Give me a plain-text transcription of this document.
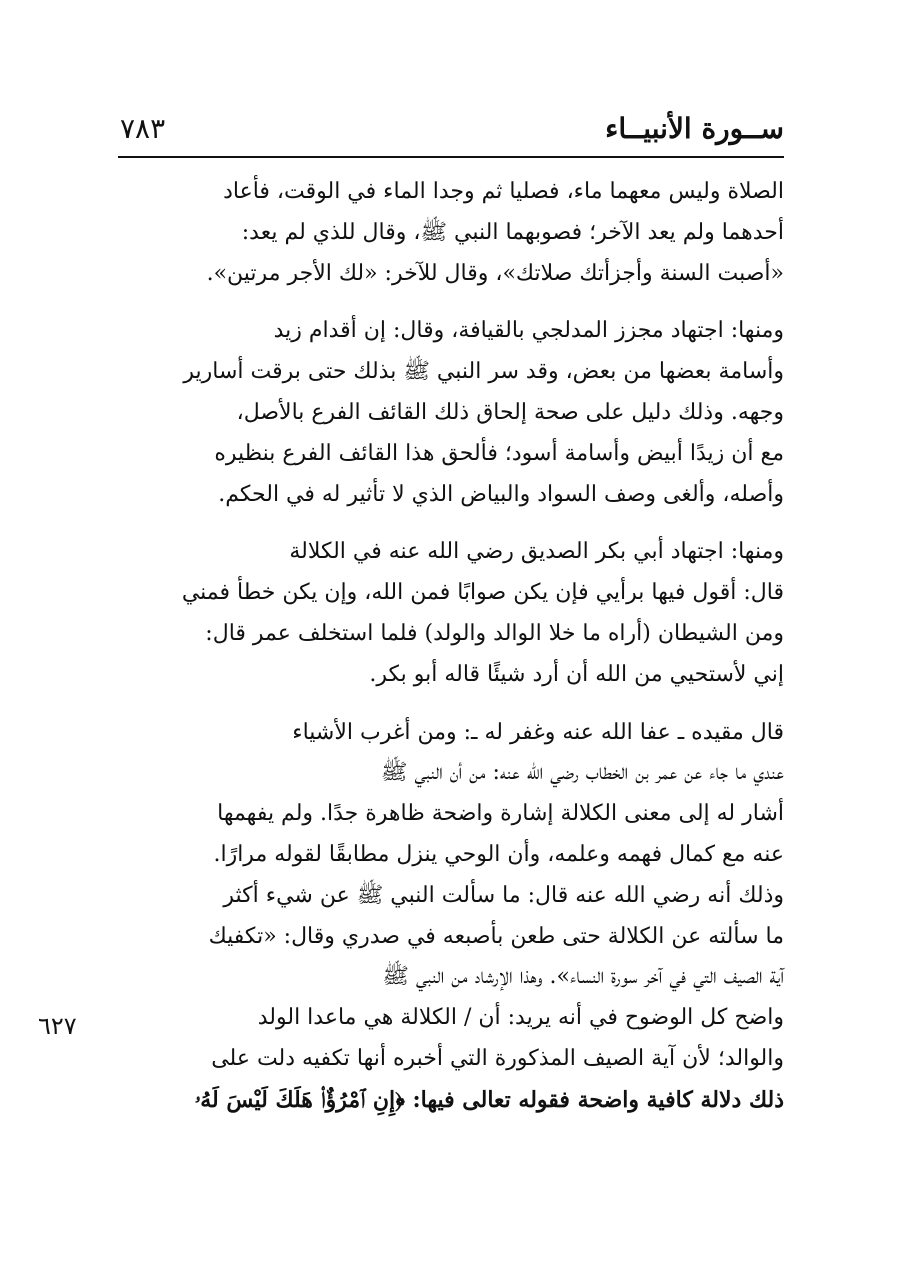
ســورة الأنبيــاء
٧٨٣
الصلاة وليس معهما ماء، فصليا ثم وجدا الماء في الوقت، فأعاد
أحدهما ولم يعد الآخر؛ فصوبهما النبي ﷺ، وقال للذي لم يعد:
«أصبت السنة وأجزأتك صلاتك»، وقال للآخر: «لك الأجر مرتين».
ومنها: اجتهاد مجزز المدلجي بالقيافة، وقال: إن أقدام زيد
وأسامة بعضها من بعض، وقد سر النبي ﷺ بذلك حتى برقت أسارير
وجهه. وذلك دليل على صحة إلحاق ذلك القائف الفرع بالأصل،
مع أن زيدًا أبيض وأسامة أسود؛ فألحق هذا القائف الفرع بنظيره
وأصله، وألغى وصف السواد والبياض الذي لا تأثير له في الحكم.
ومنها: اجتهاد أبي بكر الصديق رضي الله عنه في الكلالة
قال: أقول فيها برأيي فإن يكن صوابًا فمن الله، وإن يكن خطأ فمني
ومن الشيطان (أراه ما خلا الوالد والولد) فلما استخلف عمر قال:
إني لأستحيي من الله أن أرد شيئًا قاله أبو بكر.
قال مقيده ـ عفا الله عنه وغفر له ـ: ومن أغرب الأشياء
عندي ما جاء عن عمر بن الخطاب رضي الله عنه: من أن النبي ﷺ
أشار له إلى معنى الكلالة إشارة واضحة ظاهرة جدًا. ولم يفهمها
عنه مع كمال فهمه وعلمه، وأن الوحي ينزل مطابقًا لقوله مرارًا.
وذلك أنه رضي الله عنه قال: ما سألت النبي ﷺ عن شيء أكثر
ما سألته عن الكلالة حتى طعن بأصبعه في صدري وقال: «تكفيك
آية الصيف التي في آخر سورة النساء». وهذا الإرشاد من النبي ﷺ
واضح كل الوضوح في أنه يريد: أن / الكلالة هي ماعدا الولد
والوالد؛ لأن آية الصيف المذكورة التي أخبره أنها تكفيه دلت على
ذلك دلالة كافية واضحة فقوله تعالى فيها: ﴿إِنِ ٱمْرُؤٌا۟ هَلَكَ لَيْسَ لَهُۥ
٦٢٧
